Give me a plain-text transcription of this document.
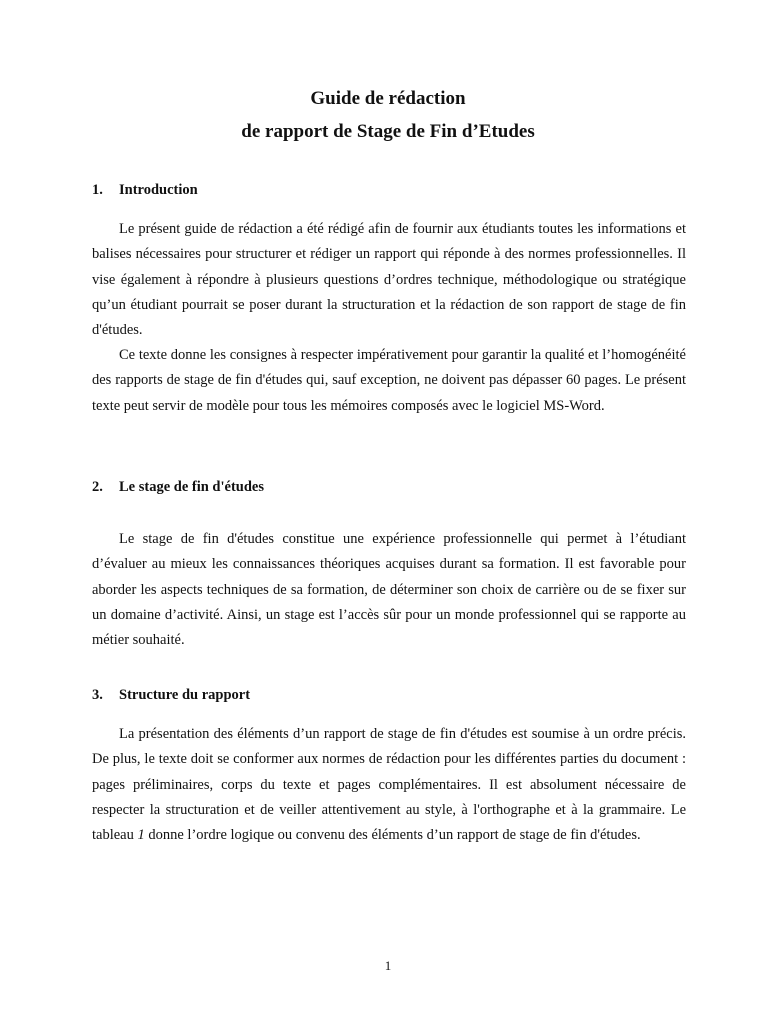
Guide de rédaction
de rapport de Stage de Fin d’Etudes
1. Introduction

Le présent guide de rédaction a été rédigé afin de fournir aux étudiants toutes les informations et balises nécessaires pour structurer et rédiger un rapport qui réponde à des normes professionnelles. Il vise également à répondre à plusieurs questions d’ordres technique, méthodologique ou stratégique qu’un étudiant pourrait se poser durant la structuration et la rédaction de son rapport de stage de fin d'études.

Ce texte donne les consignes à respecter impérativement pour garantir la qualité et l’homogénéité des rapports de stage de fin d'études qui, sauf exception, ne doivent pas dépasser 60 pages. Le présent texte peut servir de modèle pour tous les mémoires composés avec le logiciel MS-Word.

2. Le stage de fin d'études

Le stage de fin d'études constitue une expérience professionnelle qui permet à l’étudiant d’évaluer au mieux les connaissances théoriques acquises durant sa formation. Il est favorable pour aborder les aspects techniques de sa formation, de déterminer son choix de carrière ou de se fixer sur un domaine d’activité. Ainsi, un stage est l’accès sûr pour un monde professionnel qui se rapporte au métier souhaité.

3. Structure du rapport

La présentation des éléments d’un rapport de stage de fin d'études est soumise à un ordre précis. De plus, le texte doit se conformer aux normes de rédaction pour les différentes parties du document : pages préliminaires, corps du texte et pages complémentaires. Il est absolument nécessaire de respecter la structuration et de veiller attentivement au style, à l'orthographe et à la grammaire. Le tableau 1 donne l’ordre logique ou convenu des éléments d’un rapport de stage de fin d'études.

1
